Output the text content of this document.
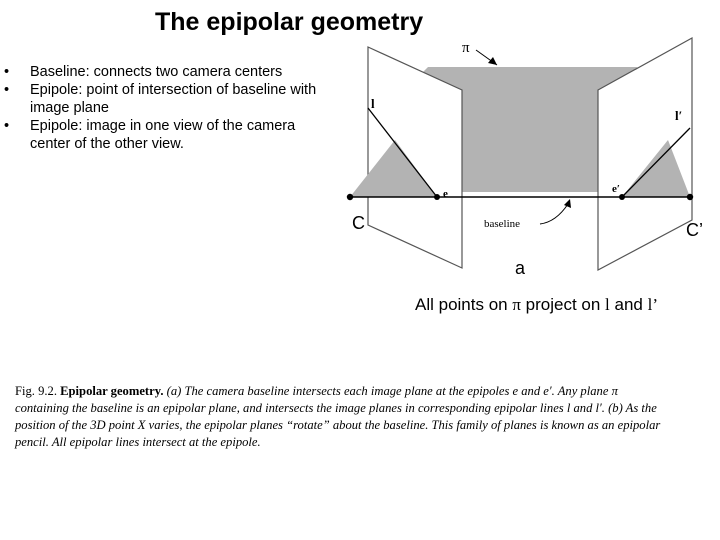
The epipolar geometry
• Baseline: connects two camera centers
• Epipole: point of intersection of baseline with image plane
• Epipole: image in one view of the camera center of the other view.
π
l
l′
e	e′
baseline
C	C’
a
All points on π project on l and l’
Fig. 9.2. Epipolar geometry. (a) The camera baseline intersects each image plane at the epipoles e and e′. Any plane π containing the baseline is an epipolar plane, and intersects the image planes in corresponding epipolar lines l and l′. (b) As the position of the 3D point X varies, the epipolar planes “rotate” about the baseline. This family of planes is known as an epipolar pencil. All epipolar lines intersect at the epipole.
